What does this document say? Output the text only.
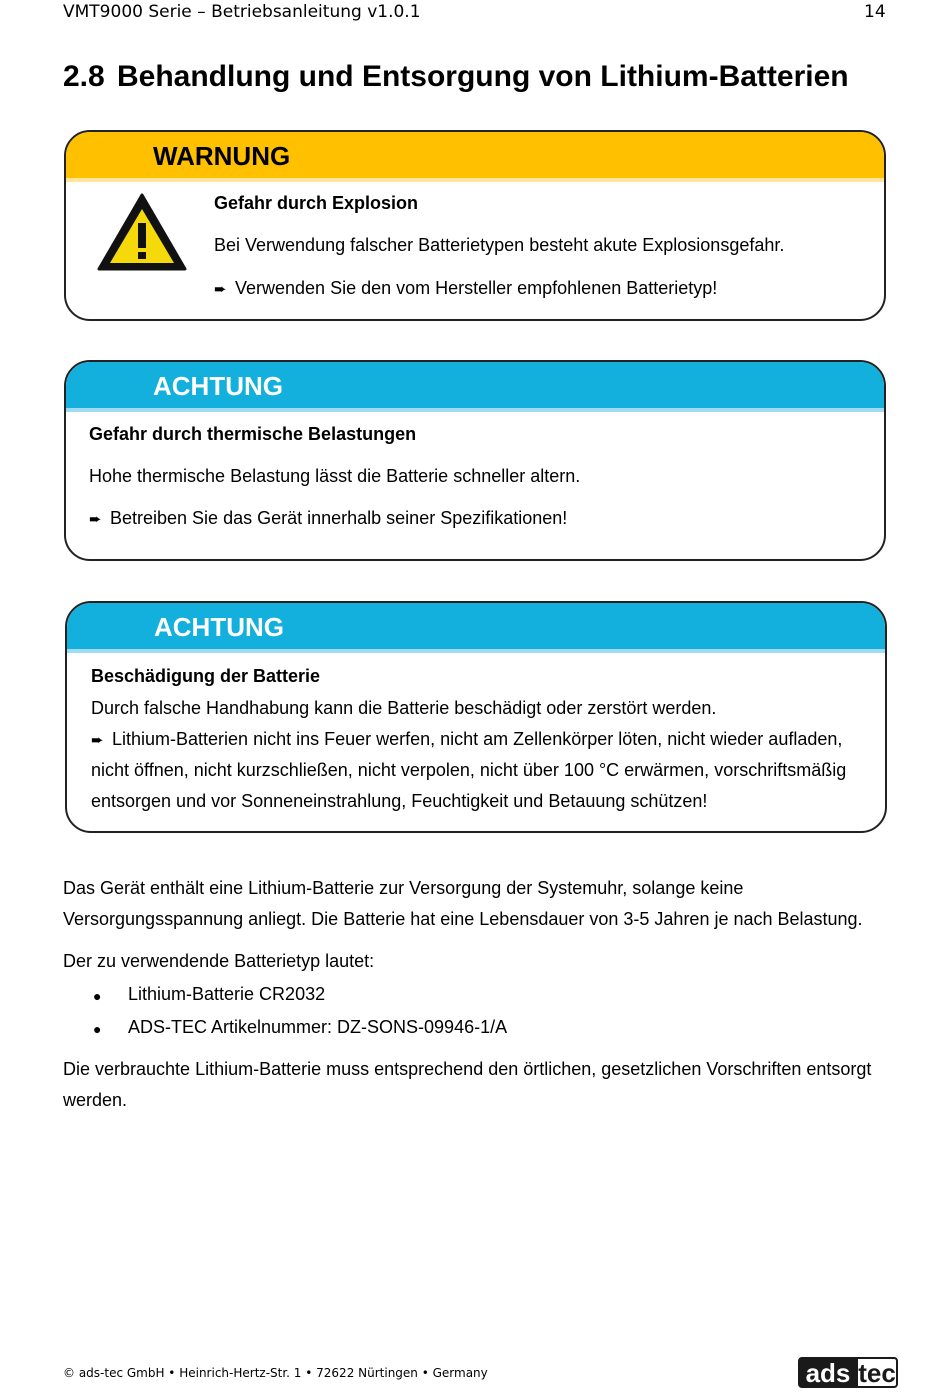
VMT9000 Serie – Betriebsanleitung v1.0.1	14
2.8 Behandlung und Entsorgung von Lithium-Batterien
WARNUNG
Gefahr durch Explosion
Bei Verwendung falscher Batterietypen besteht akute Explosionsgefahr.
➨ Verwenden Sie den vom Hersteller empfohlenen Batterietyp!
ACHTUNG
Gefahr durch thermische Belastungen
Hohe thermische Belastung lässt die Batterie schneller altern.
➨ Betreiben Sie das Gerät innerhalb seiner Spezifikationen!
ACHTUNG
Beschädigung der Batterie
Durch falsche Handhabung kann die Batterie beschädigt oder zerstört werden.
➨ Lithium-Batterien nicht ins Feuer werfen, nicht am Zellenkörper löten, nicht wieder aufladen,
nicht öffnen, nicht kurzschließen, nicht verpolen, nicht über 100 °C erwärmen, vorschriftsmäßig
entsorgen und vor Sonneneinstrahlung, Feuchtigkeit und Betauung schützen!
Das Gerät enthält eine Lithium-Batterie zur Versorgung der Systemuhr, solange keine
Versorgungsspannung anliegt. Die Batterie hat eine Lebensdauer von 3-5 Jahren je nach Belastung.
Der zu verwendende Batterietyp lautet:
● Lithium-Batterie CR2032
● ADS-TEC Artikelnummer: DZ-SONS-09946-1/A
Die verbrauchte Lithium-Batterie muss entsprechend den örtlichen, gesetzlichen Vorschriften entsorgt
werden.
© ads-tec GmbH • Heinrich-Hertz-Str. 1 • 72622 Nürtingen • Germany	ads tec
